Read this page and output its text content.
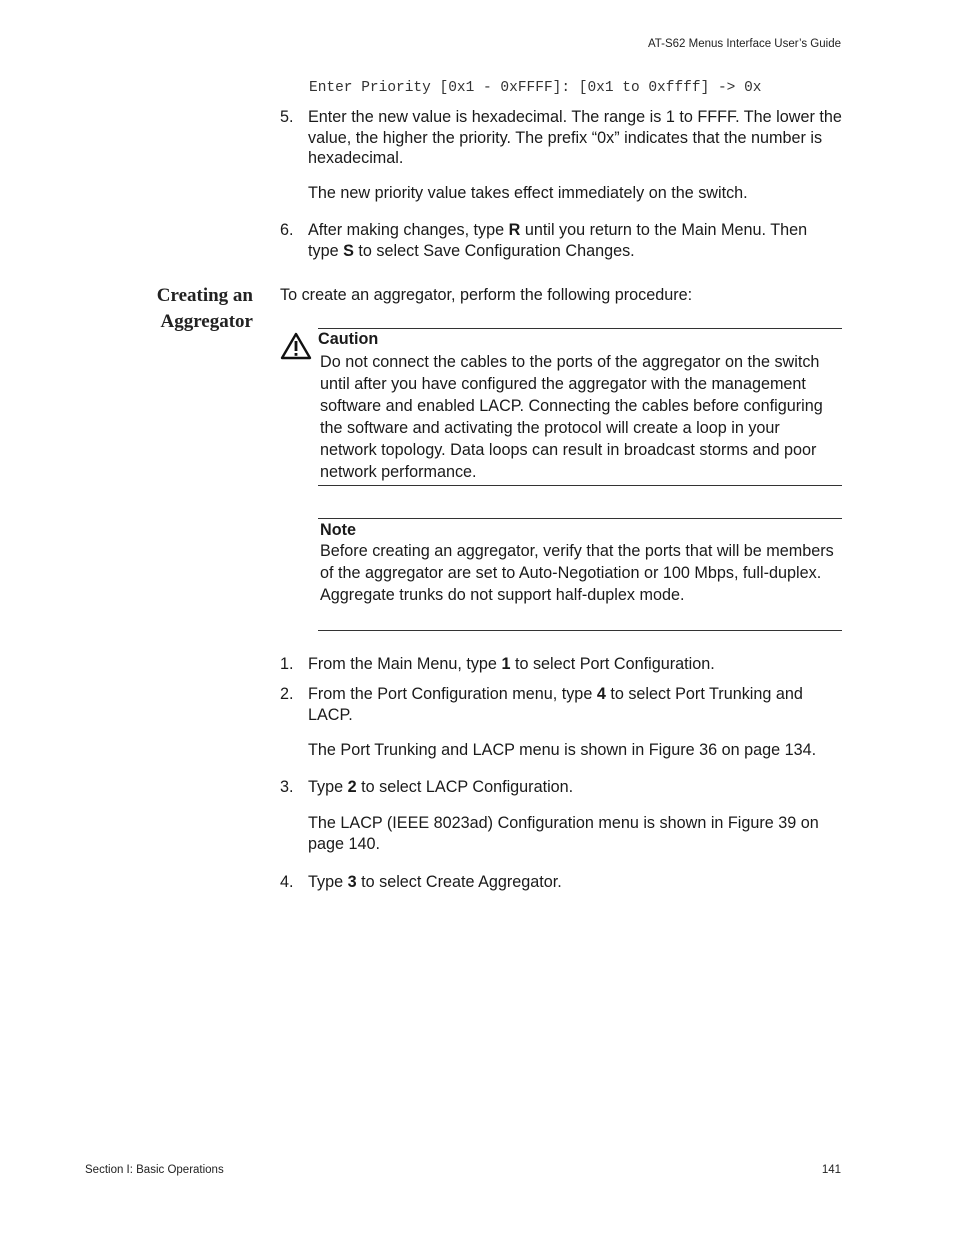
AT-S62 Menus Interface User’s Guide
Enter Priority [0x1 - 0xFFFF]: [0x1 to 0xffff] -> 0x
5. Enter the new value is hexadecimal. The range is 1 to FFFF. The lower the value, the higher the priority. The prefix “0x” indicates that the number is hexadecimal.
The new priority value takes effect immediately on the switch.
6. After making changes, type R until you return to the Main Menu. Then type S to select Save Configuration Changes.
Creating an
Aggregator
To create an aggregator, perform the following procedure:
Caution
Do not connect the cables to the ports of the aggregator on the switch until after you have configured the aggregator with the management software and enabled LACP. Connecting the cables before configuring the software and activating the protocol will create a loop in your network topology. Data loops can result in broadcast storms and poor network performance.
Note
Before creating an aggregator, verify that the ports that will be members of the aggregator are set to Auto-Negotiation or 100 Mbps, full-duplex. Aggregate trunks do not support half-duplex mode.
1. From the Main Menu, type 1 to select Port Configuration.
2. From the Port Configuration menu, type 4 to select Port Trunking and LACP.
The Port Trunking and LACP menu is shown in Figure 36 on page 134.
3. Type 2 to select LACP Configuration.
The LACP (IEEE 8023ad) Configuration menu is shown in Figure 39 on page 140.
4. Type 3 to select Create Aggregator.
Section I: Basic Operations	141
